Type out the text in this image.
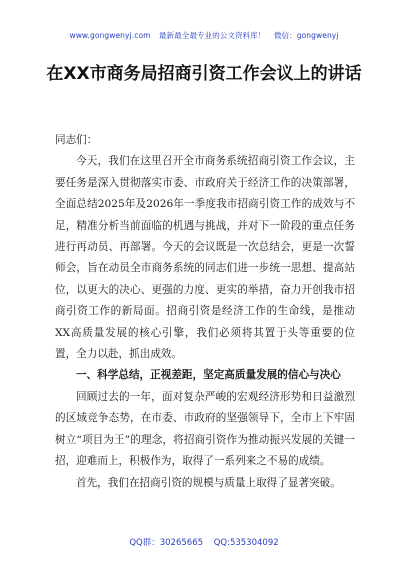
www.gongwenyj.com 最新最全最专业的公文资料库！ 微信：gongwenyj
在XX市商务局招商引资工作会议上的讲话

同志们：

今天，我们在这里召开全市商务系统招商引资工作会议，主要任务是深入贯彻落实市委、市政府关于经济工作的决策部署，全面总结2025年及2026年一季度我市招商引资工作的成效与不足，精准分析当前面临的机遇与挑战，并对下一阶段的重点任务进行再动员、再部署。今天的会议既是一次总结会，更是一次誓师会，旨在动员全市商务系统的同志们进一步统一思想、提高站位，以更大的决心、更强的力度、更实的举措，奋力开创我市招商引资工作的新局面。招商引资是经济工作的生命线，是推动XX高质量发展的核心引擎，我们必须将其置于头等重要的位置，全力以赴，抓出成效。

一、科学总结，正视差距，坚定高质量发展的信心与决心

回顾过去的一年，面对复杂严峻的宏观经济形势和日益激烈的区域竞争态势，在市委、市政府的坚强领导下，全市上下牢固树立“项目为王”的理念，将招商引资作为推动振兴发展的关键一招，迎难而上，积极作为，取得了一系列来之不易的成绩。

首先，我们在招商引资的规模与质量上取得了显著突破。

QQ群：30265665 QQ:535304092
